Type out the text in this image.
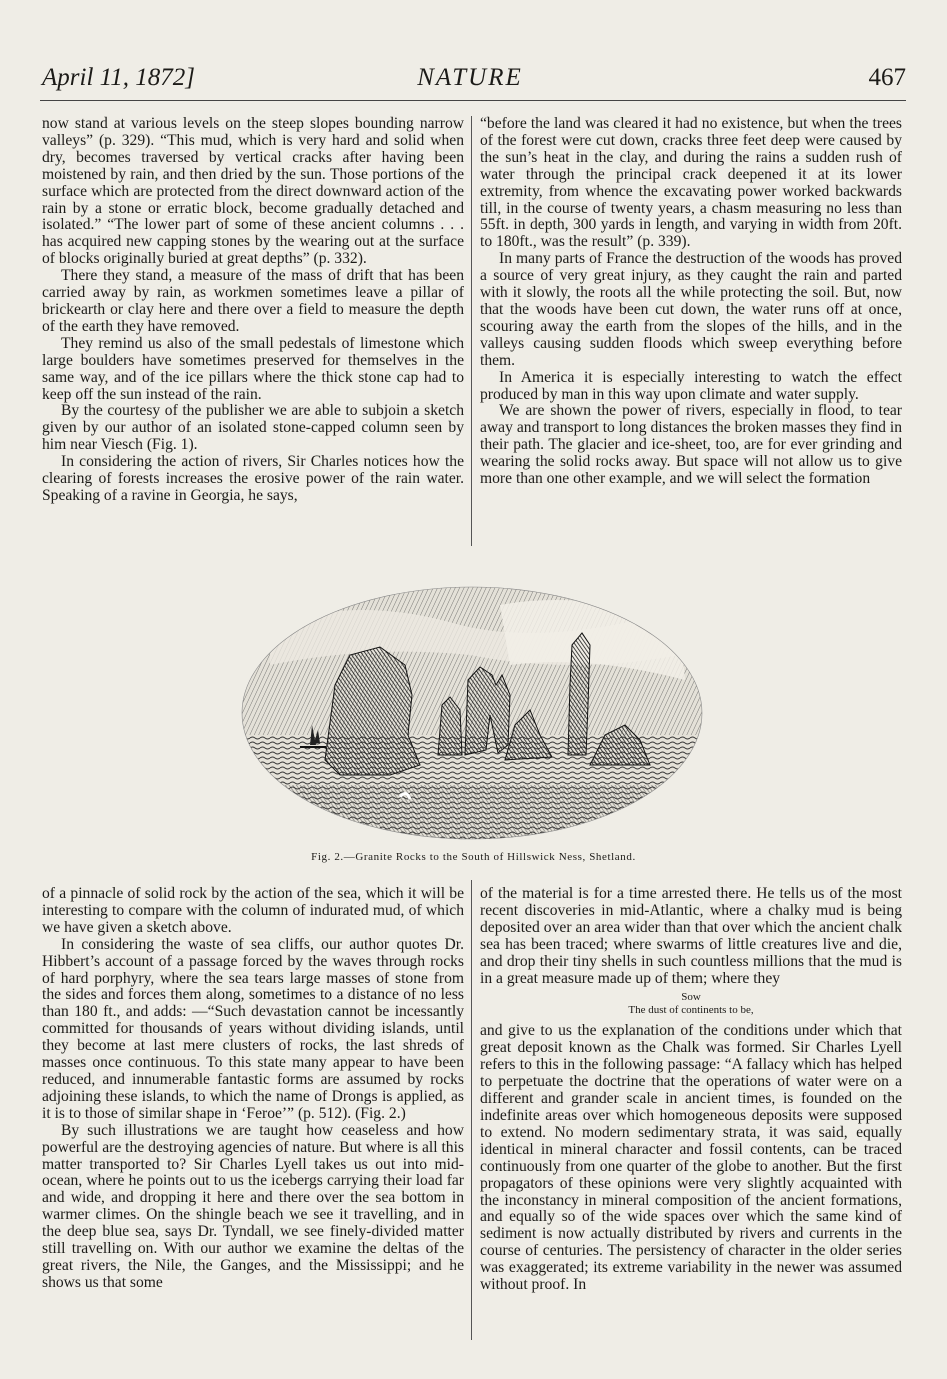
April 11, 1872]	NATURE	467

now stand at various levels on the steep slopes bounding narrow valleys” (p. 329). “This mud, which is very hard and solid when dry, becomes traversed by vertical cracks after having been moistened by rain, and then dried by the sun. Those portions of the surface which are protected from the direct downward action of the rain by a stone or erratic block, become gradually detached and isolated.” “The lower part of some of these ancient columns . . . has acquired new capping stones by the wearing out at the surface of blocks originally buried at great depths” (p. 332).

There they stand, a measure of the mass of drift that has been carried away by rain, as workmen sometimes leave a pillar of brickearth or clay here and there over a field to measure the depth of the earth they have removed.

They remind us also of the small pedestals of limestone which large boulders have sometimes preserved for themselves in the same way, and of the ice pillars where the thick stone cap had to keep off the sun instead of the rain.

By the courtesy of the publisher we are able to subjoin a sketch given by our author of an isolated stone-capped column seen by him near Viesch (Fig. 1).

In considering the action of rivers, Sir Charles notices how the clearing of forests increases the erosive power of the rain water. Speaking of a ravine in Georgia, he says,

“before the land was cleared it had no existence, but when the trees of the forest were cut down, cracks three feet deep were caused by the sun’s heat in the clay, and during the rains a sudden rush of water through the principal crack deepened it at its lower extremity, from whence the excavating power worked backwards till, in the course of twenty years, a chasm measuring no less than 55ft. in depth, 300 yards in length, and varying in width from 20ft. to 180ft., was the result” (p. 339).

In many parts of France the destruction of the woods has proved a source of very great injury, as they caught the rain and parted with it slowly, the roots all the while protecting the soil. But, now that the woods have been cut down, the water runs off at once, scouring away the earth from the slopes of the hills, and in the valleys causing sudden floods which sweep everything before them.

In America it is especially interesting to watch the effect produced by man in this way upon climate and water supply.

We are shown the power of rivers, especially in flood, to tear away and transport to long distances the broken masses they find in their path. The glacier and ice-sheet, too, are for ever grinding and wearing the solid rocks away. But space will not allow us to give more than one other example, and we will select the formation

Fig. 2.—Granite Rocks to the South of Hillswick Ness, Shetland.

of a pinnacle of solid rock by the action of the sea, which it will be interesting to compare with the column of indurated mud, of which we have given a sketch above.

In considering the waste of sea cliffs, our author quotes Dr. Hibbert’s account of a passage forced by the waves through rocks of hard porphyry, where the sea tears large masses of stone from the sides and forces them along, sometimes to a distance of no less than 180 ft., and adds: —“Such devastation cannot be incessantly committed for thousands of years without dividing islands, until they become at last mere clusters of rocks, the last shreds of masses once continuous. To this state many appear to have been reduced, and innumerable fantastic forms are assumed by rocks adjoining these islands, to which the name of Drongs is applied, as it is to those of similar shape in ‘Feroe’” (p. 512). (Fig. 2.)

By such illustrations we are taught how ceaseless and how powerful are the destroying agencies of nature. But where is all this matter transported to? Sir Charles Lyell takes us out into mid-ocean, where he points out to us the icebergs carrying their load far and wide, and dropping it here and there over the sea bottom in warmer climes. On the shingle beach we see it travelling, and in the deep blue sea, says Dr. Tyndall, we see finely-divided matter still travelling on. With our author we examine the deltas of the great rivers, the Nile, the Ganges, and the Mississippi; and he shows us that some

of the material is for a time arrested there. He tells us of the most recent discoveries in mid-Atlantic, where a chalky mud is being deposited over an area wider than that over which the ancient chalk sea has been traced; where swarms of little creatures live and die, and drop their tiny shells in such countless millions that the mud is in a great measure made up of them; where they

Sow
The dust of continents to be,

and give to us the explanation of the conditions under which that great deposit known as the Chalk was formed. Sir Charles Lyell refers to this in the following passage: “A fallacy which has helped to perpetuate the doctrine that the operations of water were on a different and grander scale in ancient times, is founded on the indefinite areas over which homogeneous deposits were supposed to extend. No modern sedimentary strata, it was said, equally identical in mineral character and fossil contents, can be traced continuously from one quarter of the globe to another. But the first propagators of these opinions were very slightly acquainted with the inconstancy in mineral composition of the ancient formations, and equally so of the wide spaces over which the same kind of sediment is now actually distributed by rivers and currents in the course of centuries. The persistency of character in the older series was exaggerated; its extreme variability in the newer was assumed without proof. In
